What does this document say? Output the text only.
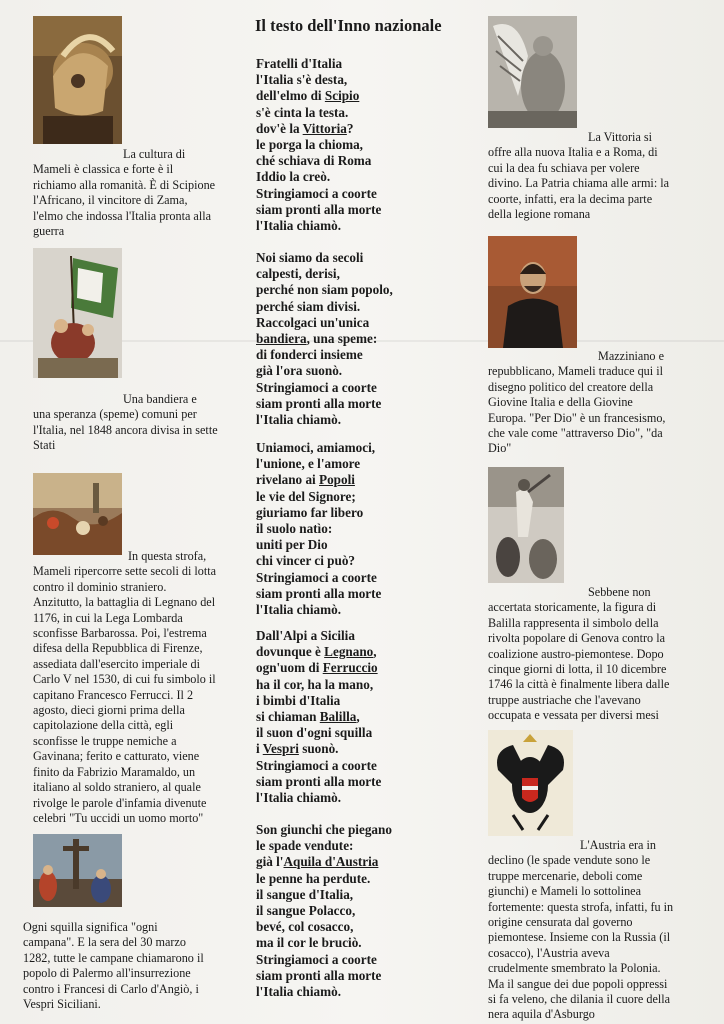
Il testo dell'Inno nazionale
La cultura di
Mameli è classica e forte è il
richiamo alla romanità. È di Scipione
l'Africano, il vincitore di Zama,
l'elmo che indossa l'Italia pronta alla
guerra
Una bandiera e
una speranza (speme) comuni per
l'Italia, nel 1848 ancora divisa in sette
Stati
In questa strofa,
Mameli ripercorre sette secoli di lotta
contro il dominio straniero.
Anzitutto, la battaglia di Legnano del
1176, in cui la Lega Lombarda
sconfisse Barbarossa. Poi, l'estrema
difesa della Repubblica di Firenze,
assediata dall'esercito imperiale di
Carlo V nel 1530, di cui fu simbolo il
capitano Francesco Ferrucci. Il 2
agosto, dieci giorni prima della
capitolazione della città, egli
sconfisse le truppe nemiche a
Gavinana; ferito e catturato, viene
finito da Fabrizio Maramaldo, un
italiano al soldo straniero, al quale
rivolge le parole d'infamia divenute
celebri "Tu uccidi un uomo morto"
Ogni squilla significa "ogni
campana". E la sera del 30 marzo
1282, tutte le campane chiamarono il
popolo di Palermo all'insurrezione
contro i Francesi di Carlo d'Angiò, i
Vespri Siciliani.
La Vittoria si
offre alla nuova Italia e a Roma, di
cui la dea fu schiava per volere
divino. La Patria chiama alle armi: la
coorte, infatti, era la decima parte
della legione romana
Mazziniano e
repubblicano, Mameli traduce qui il
disegno politico del creatore della
Giovine Italia e della Giovine
Europa. "Per Dio" è un francesismo,
che vale come "attraverso Dio", "da
Dio"
Sebbene non
accertata storicamente, la figura di
Balilla rappresenta il simbolo della
rivolta popolare di Genova contro la
coalizione austro-piemontese. Dopo
cinque giorni di lotta, il 10 dicembre
1746 la città è finalmente libera dalle
truppe austriache che l'avevano
occupata e vessata per diversi mesi
L'Austria era in
declino (le spade vendute sono le
truppe mercenarie, deboli come
giunchi) e Mameli lo sottolinea
fortemente: questa strofa, infatti, fu in
origine censurata dal governo
piemontese. Insieme con la Russia (il
cosacco), l'Austria aveva
crudelmente smembrato la Polonia.
Ma il sangue dei due popoli oppressi
si fa veleno, che dilania il cuore della
nera aquila d'Asburgo
Fratelli d'Italia
l'Italia s'è desta,
dell'elmo di Scipio
s'è cinta la testa.
dov'è la Vittoria?
le porga la chioma,
ché schiava di Roma
Iddio la creò.
Stringiamoci a coorte
siam pronti alla morte
l'Italia chiamò.
Noi siamo da secoli
calpesti, derisi,
perché non siam popolo,
perché siam divisi.
Raccolgaci un'unica
bandiera, una speme:
di fonderci insieme
già l'ora suonò.
Stringiamoci a coorte
siam pronti alla morte
l'Italia chiamò.
Uniamoci, amiamoci,
l'unione, e l'amore
rivelano ai Popoli
le vie del Signore;
giuriamo far libero
il suolo natìo:
uniti per Dio
chi vincer ci può?
Stringiamoci a coorte
siam pronti alla morte
l'Italia chiamò.
Dall'Alpi a Sicilia
dovunque è Legnano,
ogn'uom di Ferruccio
ha il cor, ha la mano,
i bimbi d'Italia
si chiaman Balilla,
il suon d'ogni squilla
i Vespri suonò.
Stringiamoci a coorte
siam pronti alla morte
l'Italia chiamò.
Son giunchi che piegano
le spade vendute:
già l'Aquila d'Austria
le penne ha perdute.
il sangue d'Italia,
il sangue Polacco,
bevé, col cosacco,
ma il cor le bruciò.
Stringiamoci a coorte
siam pronti alla morte
l'Italia chiamò.
